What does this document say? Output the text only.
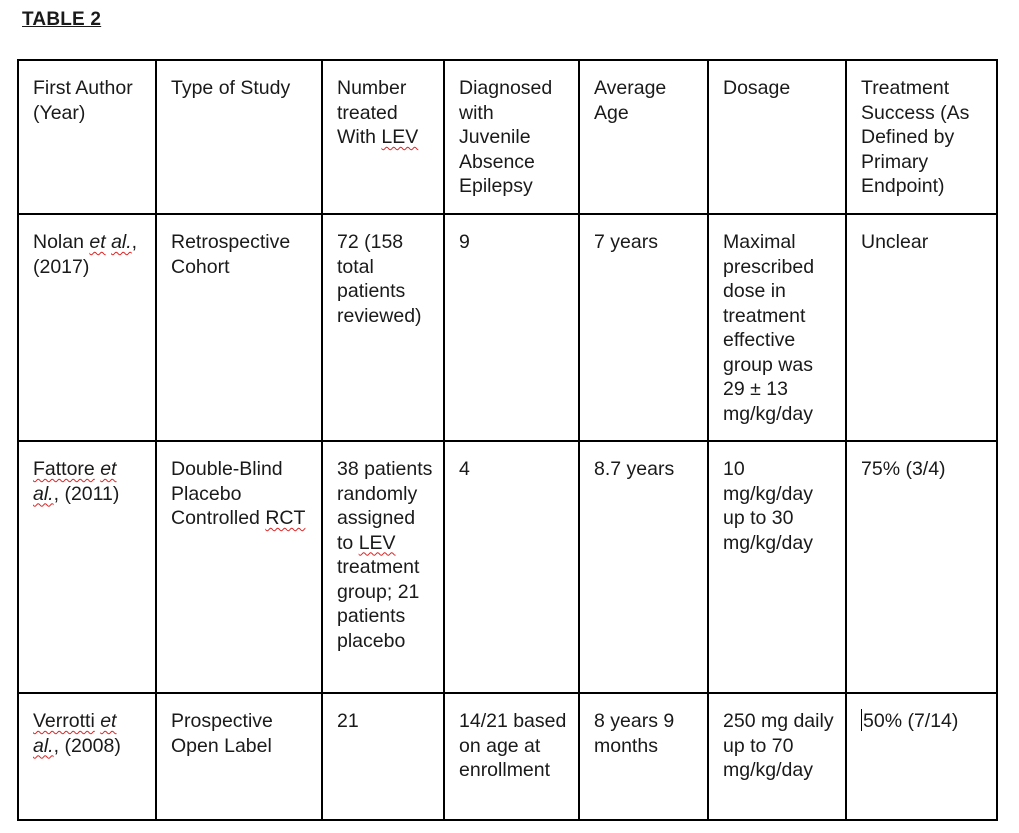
TABLE 2
First Author (Year)	Type of Study	Number treated With LEV	Diagnosed with Juvenile Absence Epilepsy	Average Age	Dosage	Treatment Success (As Defined by Primary Endpoint)
Nolan et al., (2017)	Retrospective Cohort	72 (158 total patients reviewed)	9	7 years	Maximal prescribed dose in treatment effective group was 29 ± 13 mg/kg/day	Unclear
Fattore et al., (2011)	Double-Blind Placebo Controlled RCT	38 patients randomly assigned to LEV treatment group; 21 patients placebo	4	8.7 years	10 mg/kg/day up to 30 mg/kg/day	75% (3/4)
Verrotti et al., (2008)	Prospective Open Label	21	14/21 based on age at enrollment	8 years 9 months	250 mg daily up to 70 mg/kg/day	50% (7/14)
